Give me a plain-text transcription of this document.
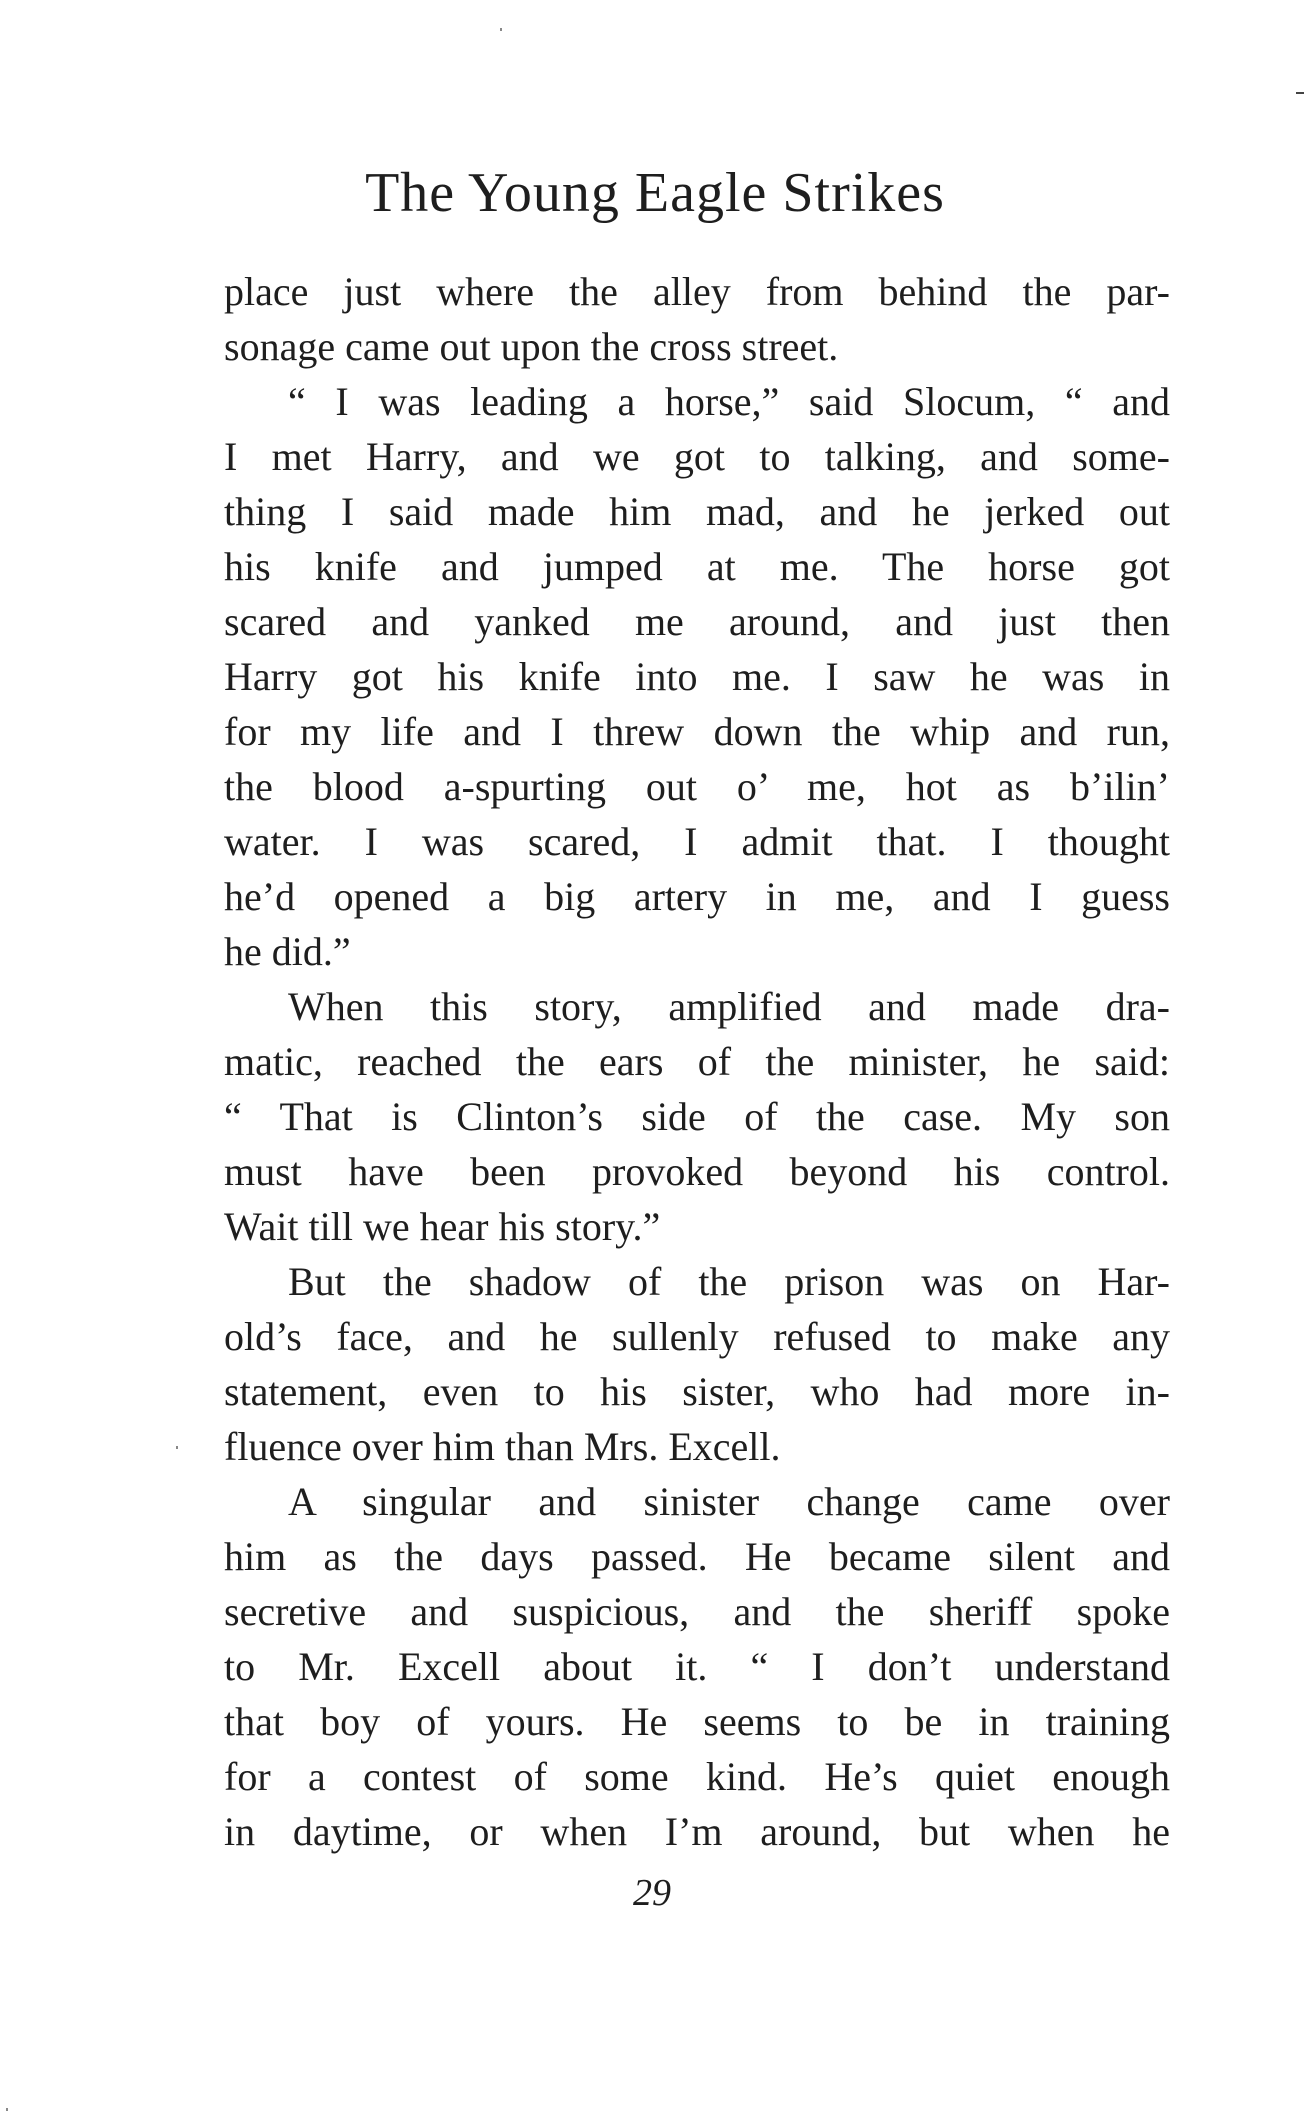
The Young Eagle Strikes
place just where the alley from behind the par-
sonage came out upon the cross street.
“ I was leading a horse,” said Slocum, “ and
I met Harry, and we got to talking, and some-
thing I said made him mad, and he jerked out
his knife and jumped at me. The horse got
scared and yanked me around, and just then
Harry got his knife into me. I saw he was in
for my life and I threw down the whip and run,
the blood a-spurting out o’ me, hot as b’ilin’
water. I was scared, I admit that. I thought
he’d opened a big artery in me, and I guess
he did.”
When this story, amplified and made dra-
matic, reached the ears of the minister, he said:
“ That is Clinton’s side of the case. My son
must have been provoked beyond his control.
Wait till we hear his story.”
But the shadow of the prison was on Har-
old’s face, and he sullenly refused to make any
statement, even to his sister, who had more in-
fluence over him than Mrs. Excell.
A singular and sinister change came over
him as the days passed. He became silent and
secretive and suspicious, and the sheriff spoke
to Mr. Excell about it. “ I don’t understand
that boy of yours. He seems to be in training
for a contest of some kind. He’s quiet enough
in daytime, or when I’m around, but when he
29
